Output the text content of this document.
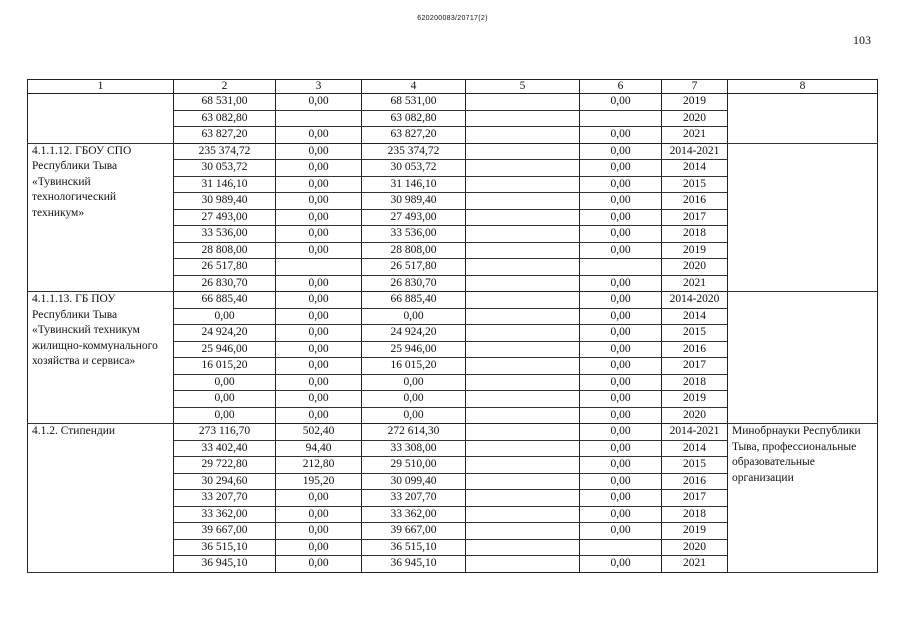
620200083/20717(2)
103
1	2	3	4	5	6	7	8
	68 531,00	0,00	68 531,00		0,00	2019	
	63 082,80		63 082,80			2020	
	63 827,20	0,00	63 827,20		0,00	2021	
4.1.1.12. ГБОУ СПО Республики Тыва «Тувинский технологический техникум»	235 374,72	0,00	235 374,72		0,00	2014-2021	
	30 053,72	0,00	30 053,72		0,00	2014	
	31 146,10	0,00	31 146,10		0,00	2015	
	30 989,40	0,00	30 989,40		0,00	2016	
	27 493,00	0,00	27 493,00		0,00	2017	
	33 536,00	0,00	33 536,00		0,00	2018	
	28 808,00	0,00	28 808,00		0,00	2019	
	26 517,80		26 517,80			2020	
	26 830,70	0,00	26 830,70		0,00	2021	
4.1.1.13. ГБ ПОУ Республики Тыва «Тувинский техникум жилищно-коммунального хозяйства и сервиса»	66 885,40	0,00	66 885,40		0,00	2014-2020	
	0,00	0,00	0,00		0,00	2014	
	24 924,20	0,00	24 924,20		0,00	2015	
	25 946,00	0,00	25 946,00		0,00	2016	
	16 015,20	0,00	16 015,20		0,00	2017	
	0,00	0,00	0,00		0,00	2018	
	0,00	0,00	0,00		0,00	2019	
	0,00	0,00	0,00		0,00	2020	
4.1.2. Стипендии	273 116,70	502,40	272 614,30		0,00	2014-2021	Минобрнауки Республики Тыва, профессиональные образовательные организации
	33 402,40	94,40	33 308,00		0,00	2014	
	29 722,80	212,80	29 510,00		0,00	2015	
	30 294,60	195,20	30 099,40		0,00	2016	
	33 207,70	0,00	33 207,70		0,00	2017	
	33 362,00	0,00	33 362,00		0,00	2018	
	39 667,00	0,00	39 667,00		0,00	2019	
	36 515,10	0,00	36 515,10			2020	
	36 945,10	0,00	36 945,10		0,00	2021	
